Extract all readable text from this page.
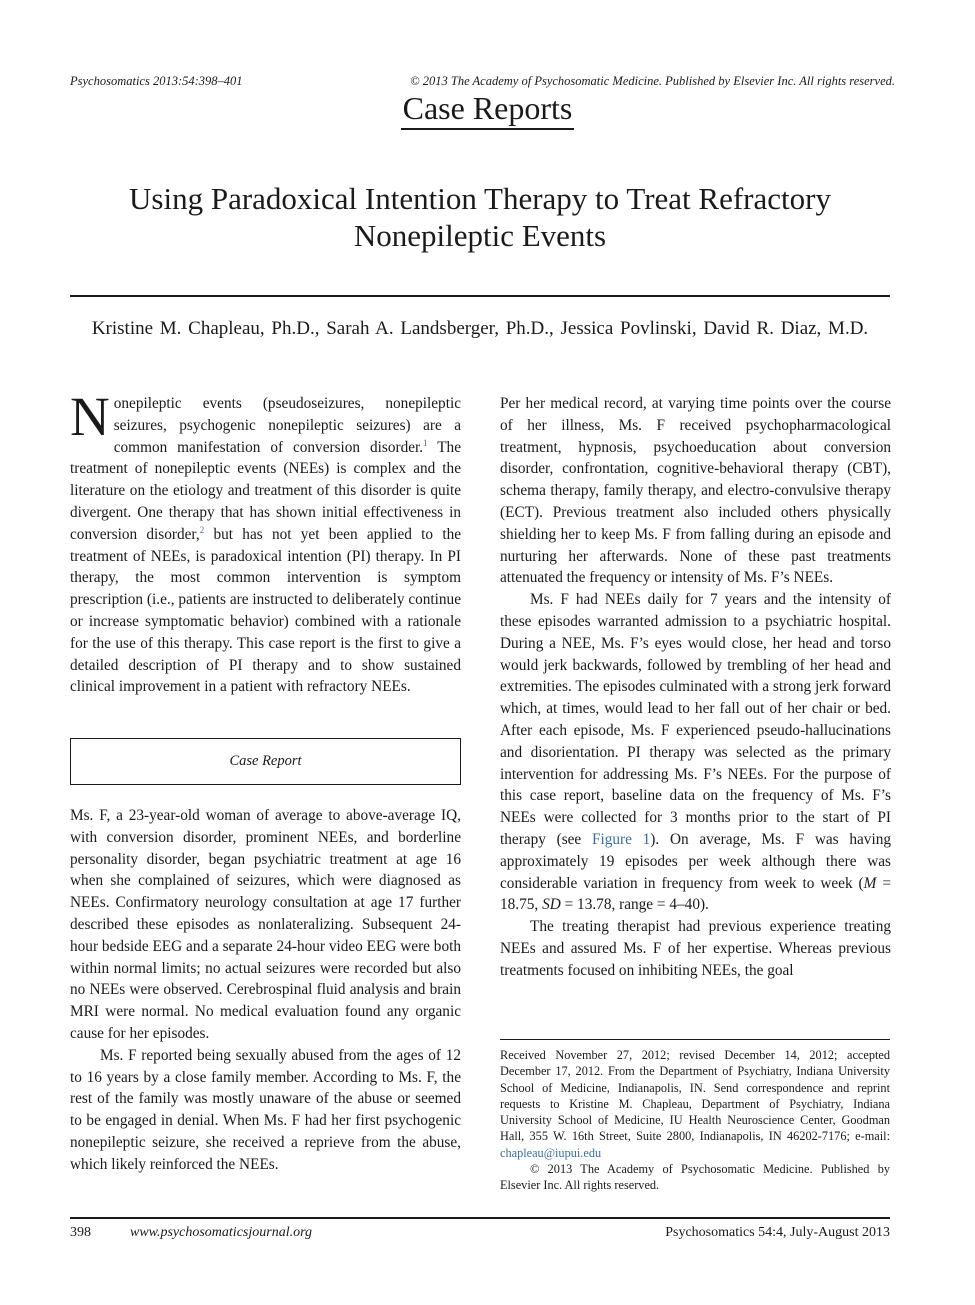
Psychosomatics 2013:54:398–401	© 2013 The Academy of Psychosomatic Medicine. Published by Elsevier Inc. All rights reserved.
Case Reports
Using Paradoxical Intention Therapy to Treat Refractory
Nonepileptic Events
Kristine M. Chapleau, Ph.D., Sarah A. Landsberger, Ph.D., Jessica Povlinski, David R. Diaz, M.D.

Nonepileptic events (pseudoseizures, nonepileptic seizures, psychogenic nonepileptic seizures) are a common manifestation of conversion disorder.$^1$ The treatment of nonepileptic events (NEEs) is complex and the literature on the etiology and treatment of this disorder is quite divergent. One therapy that has shown initial effectiveness in conversion disorder,$^2$ but has not yet been applied to the treatment of NEEs, is paradoxical intention (PI) therapy. In PI therapy, the most common intervention is symptom prescription (i.e., patients are instructed to deliberately continue or increase symptomatic behavior) combined with a rationale for the use of this therapy. This case report is the first to give a detailed description of PI therapy and to show sustained clinical improvement in a patient with refractory NEEs.

Case Report

Ms. F, a 23-year-old woman of average to above-average IQ, with conversion disorder, prominent NEEs, and borderline personality disorder, began psychiatric treatment at age 16 when she complained of seizures, which were diagnosed as NEEs. Confirmatory neurology consultation at age 17 further described these episodes as nonlateralizing. Subsequent 24-hour bedside EEG and a separate 24-hour video EEG were both within normal limits; no actual seizures were recorded but also no NEEs were observed. Cerebrospinal fluid analysis and brain MRI were normal. No medical evaluation found any organic cause for her episodes.

Ms. F reported being sexually abused from the ages of 12 to 16 years by a close family member. According to Ms. F, the rest of the family was mostly unaware of the abuse or seemed to be engaged in denial. When Ms. F had her first psychogenic nonepileptic seizure, she received a reprieve from the abuse, which likely reinforced the NEEs.

Per her medical record, at varying time points over the course of her illness, Ms. F received psychopharmacological treatment, hypnosis, psychoeducation about conversion disorder, confrontation, cognitive-behavioral therapy (CBT), schema therapy, family therapy, and electro-convulsive therapy (ECT). Previous treatment also included others physically shielding her to keep Ms. F from falling during an episode and nurturing her afterwards. None of these past treatments attenuated the frequency or intensity of Ms. F’s NEEs.

Ms. F had NEEs daily for 7 years and the intensity of these episodes warranted admission to a psychiatric hospital. During a NEE, Ms. F’s eyes would close, her head and torso would jerk backwards, followed by trembling of her head and extremities. The episodes culminated with a strong jerk forward which, at times, would lead to her fall out of her chair or bed. After each episode, Ms. F experienced pseudo-hallucinations and disorientation. PI therapy was selected as the primary intervention for addressing Ms. F’s NEEs. For the purpose of this case report, baseline data on the frequency of Ms. F’s NEEs were collected for 3 months prior to the start of PI therapy (see Figure 1). On average, Ms. F was having approximately 19 episodes per week although there was considerable variation in frequency from week to week (M = 18.75, SD = 13.78, range = 4–40).

The treating therapist had previous experience treating NEEs and assured Ms. F of her expertise. Whereas previous treatments focused on inhibiting NEEs, the goal

Received November 27, 2012; revised December 14, 2012; accepted December 17, 2012. From the Department of Psychiatry, Indiana University School of Medicine, Indianapolis, IN. Send correspondence and reprint requests to Kristine M. Chapleau, Department of Psychiatry, Indiana University School of Medicine, IU Health Neuroscience Center, Goodman Hall, 355 W. 16th Street, Suite 2800, Indianapolis, IN 46202-7176; e-mail: chapleau@iupui.edu

© 2013 The Academy of Psychosomatic Medicine. Published by Elsevier Inc. All rights reserved.

398	www.psychosomaticsjournal.org	Psychosomatics 54:4, July-August 2013
